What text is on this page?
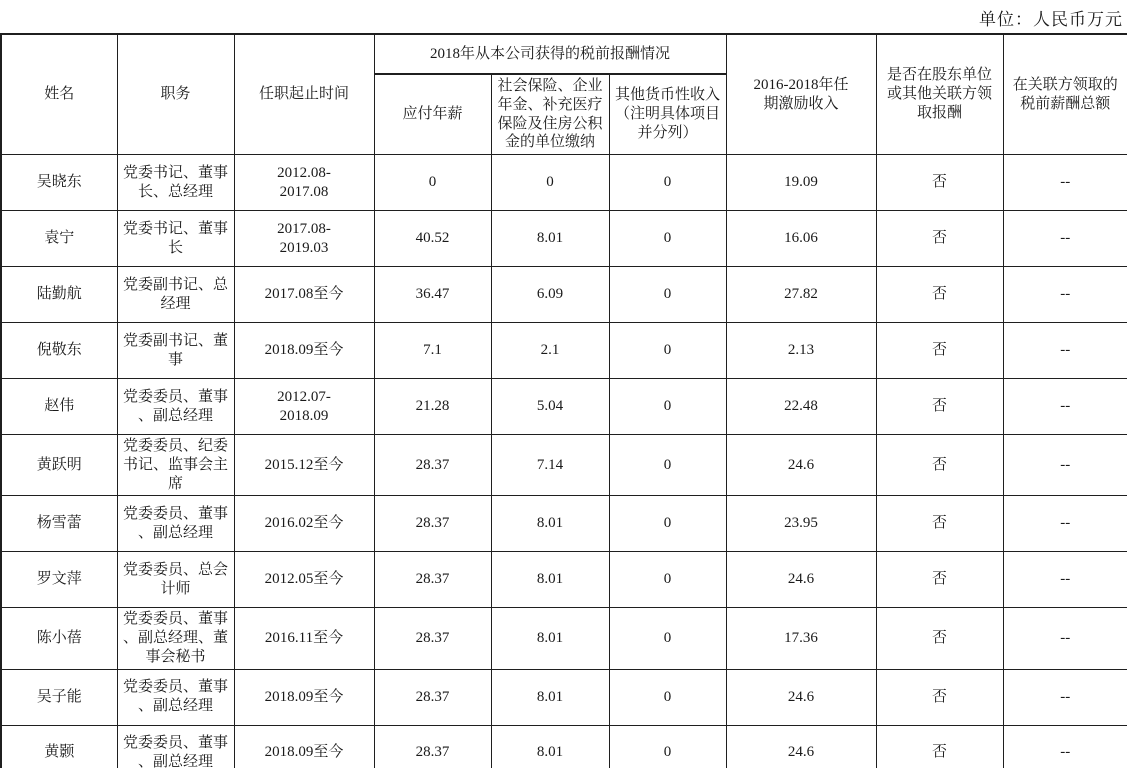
单位：人民币万元
姓名	职务	任职起止时间	2018年从本公司获得的税前报酬情况			2016-2018年任期激励收入	是否在股东单位或其他关联方领取报酬	在关联方领取的税前薪酬总额
			应付年薪	社会保险、企业年金、补充医疗保险及住房公积金的单位缴纳	其他货币性收入（注明具体项目并分列）			
吴晓东	党委书记、董事长、总经理	2012.08-2017.08	0	0	0	19.09	否	--
袁宁	党委书记、董事长	2017.08-2019.03	40.52	8.01	0	16.06	否	--
陆勤航	党委副书记、总经理	2017.08至今	36.47	6.09	0	27.82	否	--
倪敬东	党委副书记、董事	2018.09至今	7.1	2.1	0	2.13	否	--
赵伟	党委委员、董事、副总经理	2012.07-2018.09	21.28	5.04	0	22.48	否	--
黄跃明	党委委员、纪委书记、监事会主席	2015.12至今	28.37	7.14	0	24.6	否	--
杨雪蕾	党委委员、董事、副总经理	2016.02至今	28.37	8.01	0	23.95	否	--
罗文萍	党委委员、总会计师	2012.05至今	28.37	8.01	0	24.6	否	--
陈小蓓	党委委员、董事、副总经理、董事会秘书	2016.11至今	28.37	8.01	0	17.36	否	--
吴子能	党委委员、董事、副总经理	2018.09至今	28.37	8.01	0	24.6	否	--
黄颢	党委委员、董事、副总经理	2018.09至今	28.37	8.01	0	24.6	否	--
